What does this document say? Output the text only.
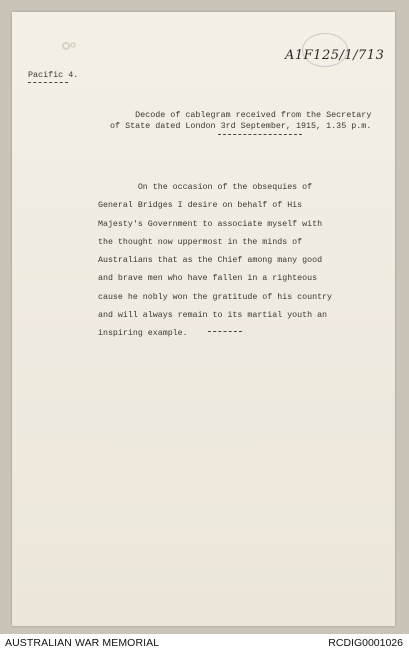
A1F125/1/713

Pacific 4.

Decode of cablegram received from the Secretary
of State dated London 3rd September, 1915, 1.35 p.m.

On the occasion of the obsequies of
General Bridges I desire on behalf of His
Majesty's Government to associate myself with
the thought now uppermost in the minds of
Australians that as the Chief among many good
and brave men who have fallen in a righteous
cause he nobly won the gratitude of his country
and will always remain to its martial youth an
inspiring example.

AUSTRALIAN WAR MEMORIAL	RCDIG0001026
